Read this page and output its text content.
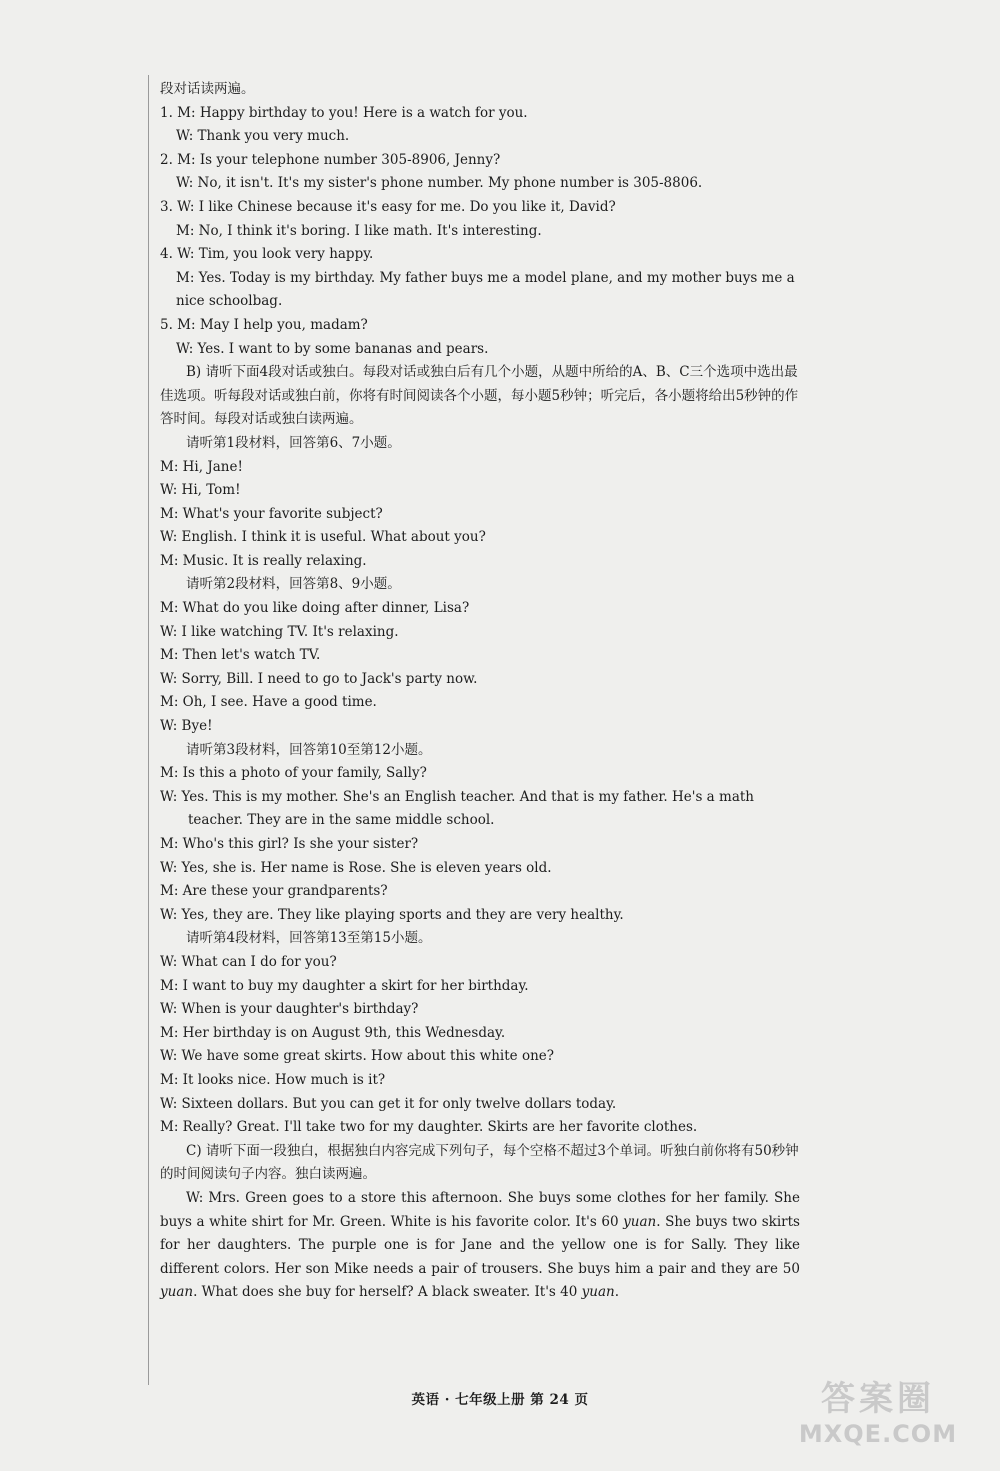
段对话读两遍。
1. M: Happy birthday to you! Here is a watch for you.
W: Thank you very much.
2. M: Is your telephone number 305-8906, Jenny?
W: No, it isn't. It's my sister's phone number. My phone number is 305-8806.
3. W: I like Chinese because it's easy for me. Do you like it, David?
M: No, I think it's boring. I like math. It's interesting.
4. W: Tim, you look very happy.
M: Yes. Today is my birthday. My father buys me a model plane, and my mother buys me a nice schoolbag.
5. M: May I help you, madam?
W: Yes. I want to by some bananas and pears.
B) 请听下面4段对话或独白。每段对话或独白后有几个小题，从题中所给的A、B、C三个选项中选出最佳选项。听每段对话或独白前，你将有时间阅读各个小题，每小题5秒钟；听完后，各小题将给出5秒钟的作答时间。每段对话或独白读两遍。
请听第1段材料，回答第6、7小题。
M: Hi, Jane!
W: Hi, Tom!
M: What's your favorite subject?
W: English. I think it is useful. What about you?
M: Music. It is really relaxing.
请听第2段材料，回答第8、9小题。
M: What do you like doing after dinner, Lisa?
W: I like watching TV. It's relaxing.
M: Then let's watch TV.
W: Sorry, Bill. I need to go to Jack's party now.
M: Oh, I see. Have a good time.
W: Bye!
请听第3段材料，回答第10至第12小题。
M: Is this a photo of your family, Sally?
W: Yes. This is my mother. She's an English teacher. And that is my father. He's a math teacher. They are in the same middle school.
M: Who's this girl? Is she your sister?
W: Yes, she is. Her name is Rose. She is eleven years old.
M: Are these your grandparents?
W: Yes, they are. They like playing sports and they are very healthy.
请听第4段材料，回答第13至第15小题。
W: What can I do for you?
M: I want to buy my daughter a skirt for her birthday.
W: When is your daughter's birthday?
M: Her birthday is on August 9th, this Wednesday.
W: We have some great skirts. How about this white one?
M: It looks nice. How much is it?
W: Sixteen dollars. But you can get it for only twelve dollars today.
M: Really? Great. I'll take two for my daughter. Skirts are her favorite clothes.
C) 请听下面一段独白，根据独白内容完成下列句子，每个空格不超过3个单词。听独白前你将有50秒钟的时间阅读句子内容。独白读两遍。
W: Mrs. Green goes to a store this afternoon. She buys some clothes for her family. She buys a white shirt for Mr. Green. White is his favorite color. It's 60 yuan. She buys two skirts for her daughters. The purple one is for Jane and the yellow one is for Sally. They like different colors. Her son Mike needs a pair of trousers. She buys him a pair and they are 50 yuan. What does she buy for herself? A black sweater. It's 40 yuan.
英语 · 七年级上册 第 24 页	答案圈
MXQE.COM
